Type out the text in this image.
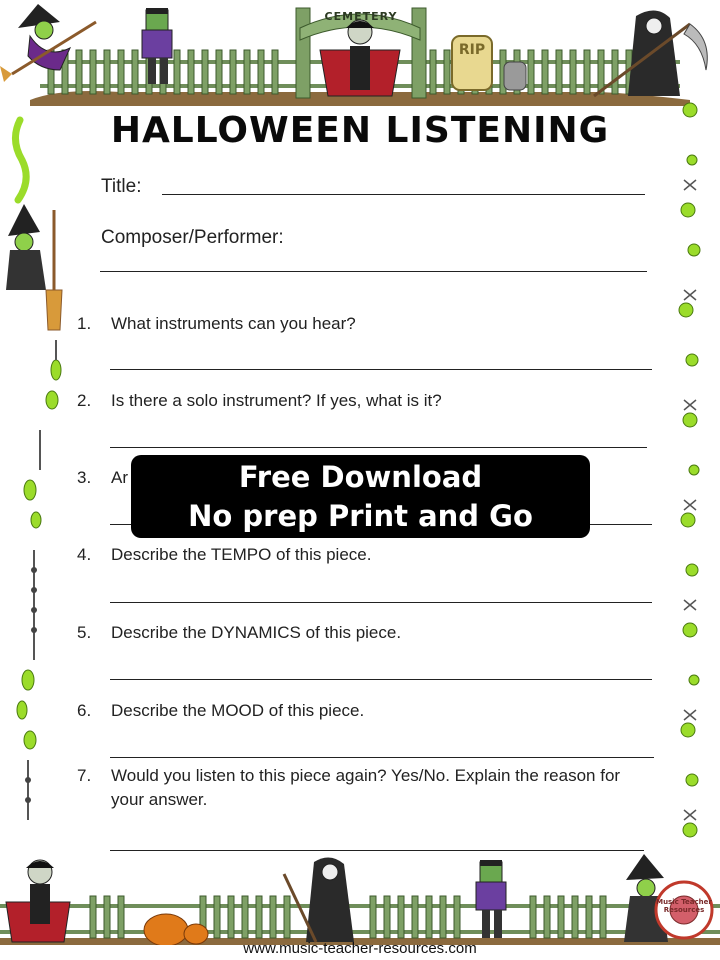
CEMETERY
RIP
Music Teacher Resources
HALLOWEEN LISTENING
Title:
Composer/Performer:
1. What instruments can you hear?
2. Is there a solo instrument? If yes, what is it?
3. Ar
4. Describe the TEMPO of this piece.
5. Describe the DYNAMICS of this piece.
6. Describe the MOOD of this piece.
7. Would you listen to this piece again? Yes/No. Explain the reason for your answer.
Free Download
No prep Print and Go
www.music-teacher-resources.com
